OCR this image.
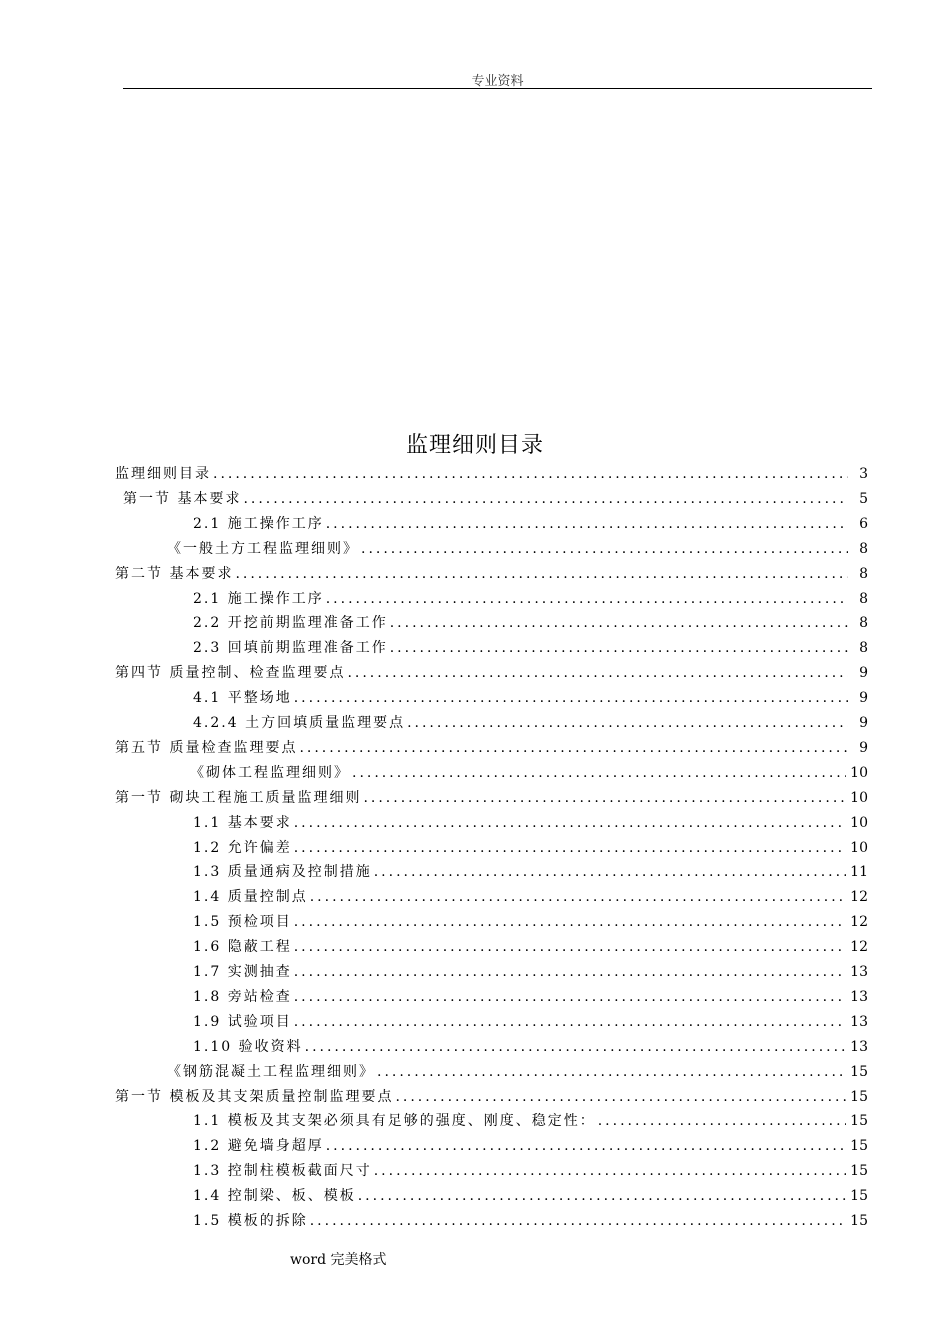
专业资料
监理细则目录
监理细则目录 .....	3
第一节 基本要求 .....	5
2.1 施工操作工序 .....	6
《一般土方工程监理细则》 .....	8
第二节 基本要求 .....	8
2.1 施工操作工序 .....	8
2.2 开挖前期监理准备工作 .....	8
2.3 回填前期监理准备工作 .....	8
第四节 质量控制、检查监理要点 .....	9
4.1 平整场地 .....	9
4.2.4 土方回填质量监理要点 .....	9
第五节 质量检查监理要点 .....	9
《砌体工程监理细则》 .....	10
第一节 砌块工程施工质量监理细则 .....	10
1.1 基本要求 .....	10
1.2 允许偏差 .....	10
1.3 质量通病及控制措施 .....	11
1.4 质量控制点 .....	12
1.5 预检项目 .....	12
1.6 隐蔽工程 .....	12
1.7 实测抽查 .....	13
1.8 旁站检查 .....	13
1.9 试验项目 .....	13
1.10 验收资料 .....	13
《钢筋混凝土工程监理细则》 .....	15
第一节 模板及其支架质量控制监理要点 .....	15
1.1 模板及其支架必须具有足够的强度、刚度、稳定性： .....	15
1.2 避免墙身超厚 .....	15
1.3 控制柱模板截面尺寸 .....	15
1.4 控制梁、板、模板 .....	15
1.5 模板的拆除 .....	15
word 完美格式
